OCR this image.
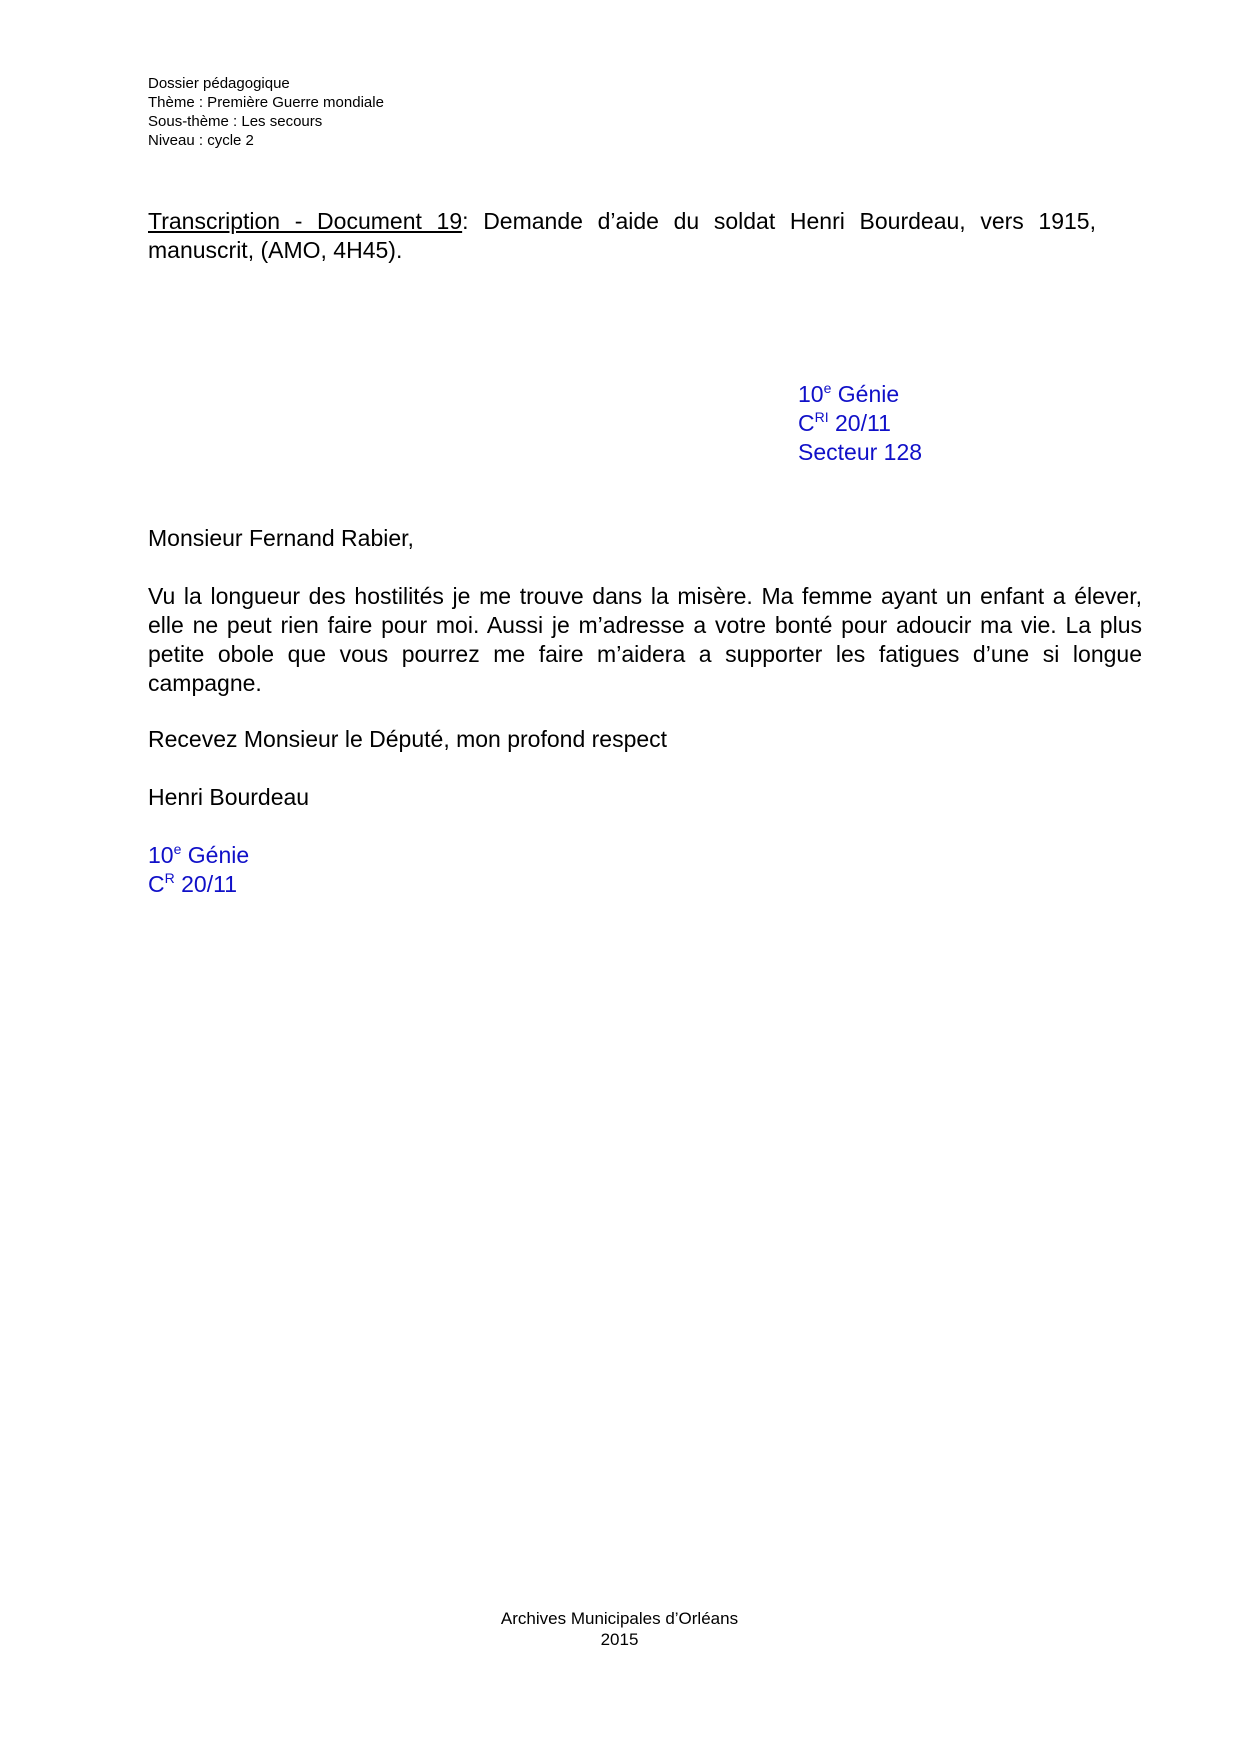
Dossier pédagogique
Thème : Première Guerre mondiale
Sous-thème : Les secours
Niveau : cycle 2
Transcription - Document 19: Demande d’aide du soldat Henri Bourdeau, vers 1915, manuscrit, (AMO, 4H45).
10e Génie
$C^{RI}$ 20/11
Secteur 128
Monsieur Fernand Rabier,
Vu la longueur des hostilités je me trouve dans la misère. Ma femme ayant un enfant a élever, elle ne peut rien faire pour moi. Aussi je m’adresse a votre bonté pour adoucir ma vie. La plus petite obole que vous pourrez me faire m’aidera a supporter les fatigues d’une si longue campagne.
Recevez Monsieur le Député, mon profond respect
Henri Bourdeau
10e Génie
$C^R$ 20/11
Archives Municipales d’Orléans
2015
